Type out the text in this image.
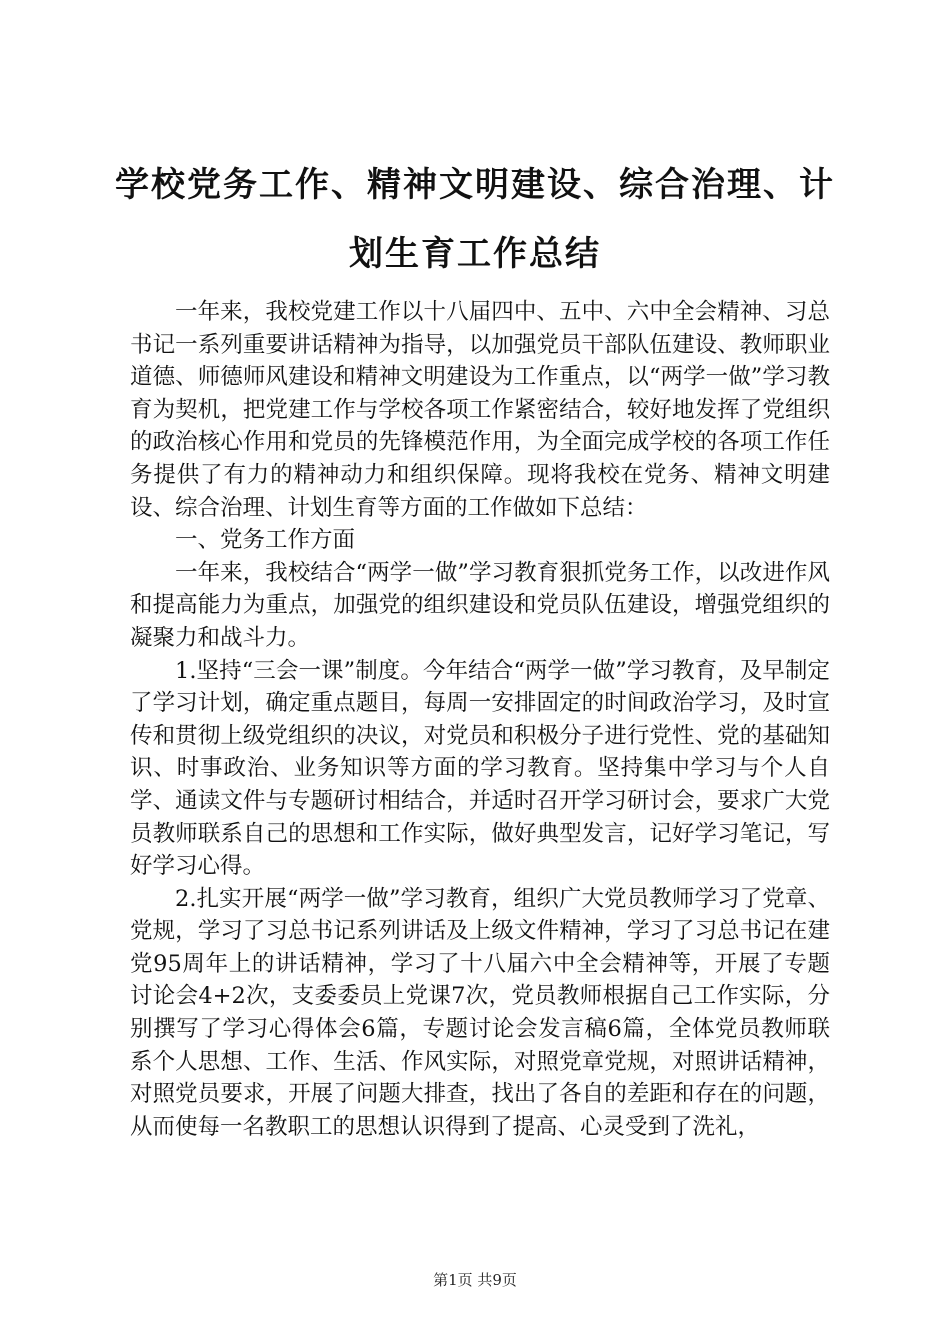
学校党务工作、精神文明建设、综合治理、计
划生育工作总结

一年来，我校党建工作以十八届四中、五中、六中全会精神、习总书记一系列重要讲话精神为指导，以加强党员干部队伍建设、教师职业道德、师德师风建设和精神文明建设为工作重点，以“两学一做”学习教育为契机，把党建工作与学校各项工作紧密结合，较好地发挥了党组织的政治核心作用和党员的先锋模范作用，为全面完成学校的各项工作任务提供了有力的精神动力和组织保障。现将我校在党务、精神文明建设、综合治理、计划生育等方面的工作做如下总结：

一、党务工作方面

一年来，我校结合“两学一做”学习教育狠抓党务工作，以改进作风和提高能力为重点，加强党的组织建设和党员队伍建设，增强党组织的凝聚力和战斗力。

1.坚持“三会一课”制度。今年结合“两学一做”学习教育，及早制定了学习计划，确定重点题目，每周一安排固定的时间政治学习，及时宣传和贯彻上级党组织的决议，对党员和积极分子进行党性、党的基础知识、时事政治、业务知识等方面的学习教育。坚持集中学习与个人自学、通读文件与专题研讨相结合，并适时召开学习研讨会，要求广大党员教师联系自己的思想和工作实际，做好典型发言，记好学习笔记，写好学习心得。

2.扎实开展“两学一做”学习教育，组织广大党员教师学习了党章、党规，学习了习总书记系列讲话及上级文件精神，学习了习总书记在建党95周年上的讲话精神，学习了十八届六中全会精神等，开展了专题讨论会4+2次，支委委员上党课7次，党员教师根据自己工作实际，分别撰写了学习心得体会6篇，专题讨论会发言稿6篇，全体党员教师联系个人思想、工作、生活、作风实际，对照党章党规，对照讲话精神，对照党员要求，开展了问题大排查，找出了各自的差距和存在的问题，从而使每一名教职工的思想认识得到了提高、心灵受到了洗礼，

第1页 共9页
